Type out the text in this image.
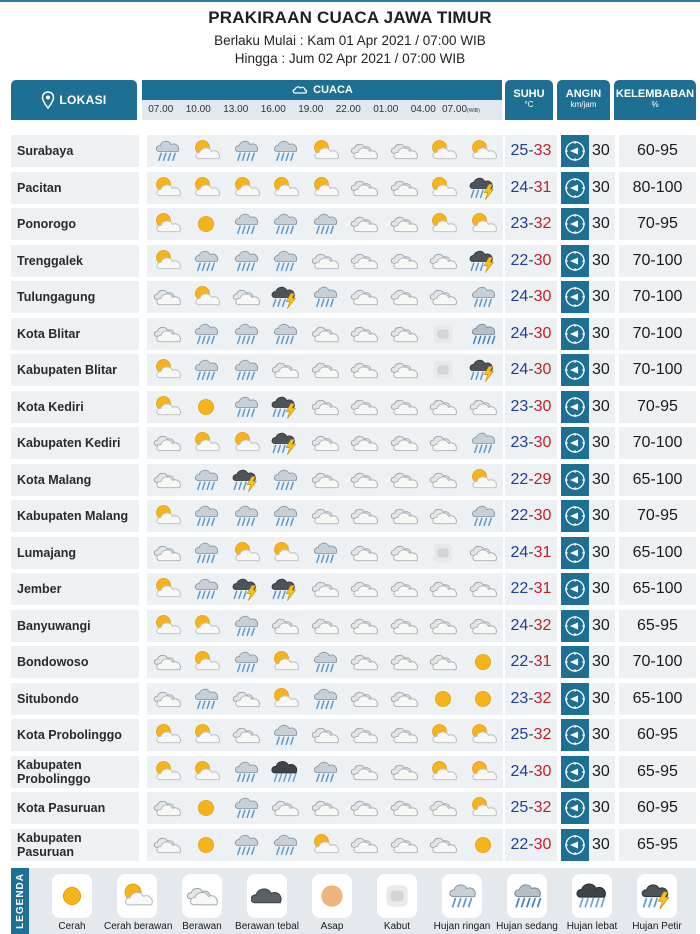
PRAKIRAAN CUACA JAWA TIMUR
Berlaku Mulai : Kam 01 Apr 2021 / 07:00 WIB
Hingga : Jum 02 Apr 2021 / 07:00 WIB
LOKASI
CUACA
07.00	10.00	13.00	16.00	19.00	22.00	01.00	04.00 07.00(WIB)
SUHU
°C
ANGIN
km/jam
KELEMBABAN
%
Surabaya	25 - 33	30	60-95
Pacitan	24 - 31	30	80-100
Ponorogo	23 - 32	30	70-95
Trenggalek	22 - 30	30	70-100
Tulungagung	24 - 30	30	70-100
Kota Blitar	24 - 30	30	70-100
Kabupaten Blitar	24 - 30	30	70-100
Kota Kediri	23 - 30	30	70-95
Kabupaten Kediri	23 - 30	30	70-100
Kota Malang	22 - 29	30	65-100
Kabupaten Malang	22 - 30	30	70-95
Lumajang	24 - 31	30	65-100
Jember	22 - 31	30	65-100
Banyuwangi	24 - 32	30	65-95
Bondowoso	22 - 31	30	70-100
Situbondo	23 - 32	30	65-100
Kota Probolinggo	25 - 32	30	60-95
Kabupaten Probolinggo	24 - 30	30	65-95
Kota Pasuruan	25 - 32	30	60-95
Kabupaten Pasuruan	22 - 30	30	65-95
LEGENDA	Cerah	Cerah berawan Berawan	Berawan tebal	Asap	Kabut	Hujan ringan Hujan sedang Hujan lebat	Hujan Petir
